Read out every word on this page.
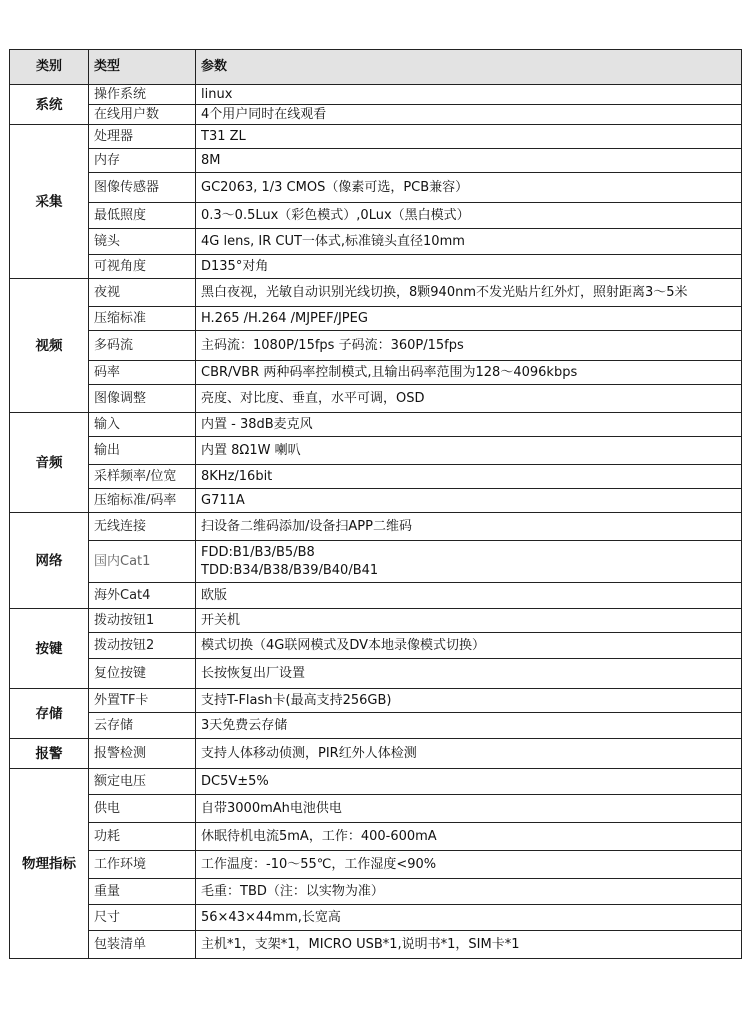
类别	类型	参数
系统	操作系统	linux
	在线用户数	4个用户同时在线观看
采集	处理器	T31 ZL
	内存	8M
	图像传感器	GC2063, 1/3 CMOS（像素可选，PCB兼容）
	最低照度	0.3～0.5Lux（彩色模式）,0Lux（黑白模式）
	镜头	4G lens, IR CUT一体式,标准镜头直径10mm
	可视角度	D135°对角
视频	夜视	黑白夜视，光敏自动识别光线切换，8颗940nm不发光贴片红外灯，照射距离3～5米
	压缩标准	H.265 /H.264 /MJPEF/JPEG
	多码流	主码流：1080P/15fps 子码流：360P/15fps
	码率	CBR/VBR 两种码率控制模式,且输出码率范围为128～4096kbps
	图像调整	亮度、对比度、垂直，水平可调，OSD
音频	输入	内置 - 38dB麦克风
	输出	内置 8Ω1W 喇叭
	采样频率/位宽	8KHz/16bit
	压缩标准/码率	G711A
网络	无线连接	扫设备二维码添加/设备扫APP二维码
	国内Cat1	FDD:B1/B3/B5/B8
TDD:B34/B38/B39/B40/B41

	海外Cat4	欧版
按键	拨动按钮1	开关机
	拨动按钮2	模式切换（4G联网模式及DV本地录像模式切换）
	复位按键	长按恢复出厂设置
存储	外置TF卡	支持T-Flash卡(最高支持256GB)
	云存储	3天免费云存储
报警	报警检测	支持人体移动侦测，PIR红外人体检测
物理指标	额定电压	DC5V±5%
	供电	自带3000mAh电池供电
	功耗	休眠待机电流5mA，工作：400-600mA
	工作环境	工作温度：-10～55℃，工作湿度<90%
	重量	毛重：TBD（注：以实物为准）
	尺寸	56×43×44mm,长宽高
	包装清单	主机*1，支架*1，MICRO USB*1,说明书*1，SIM卡*1
